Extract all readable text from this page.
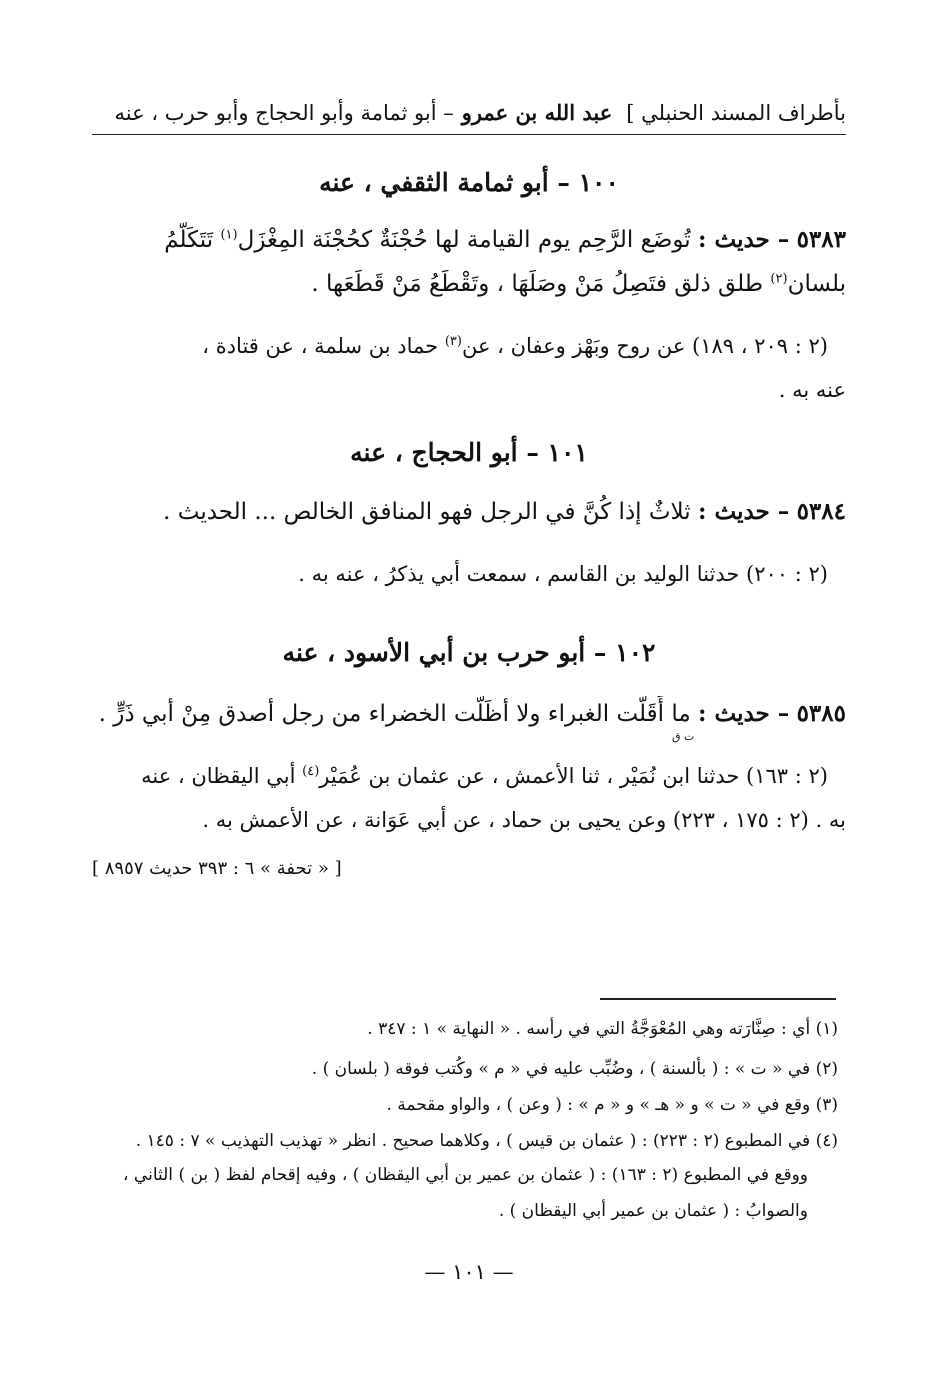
بأطراف المسند الحنبلي ]
عبد الله بن عمرو
– أبو ثمامة وأبو الحجاج وأبو حرب ، عنه
١٠٠ – أبو ثمامة الثقفي ، عنه
٥٣٨٣ – حديث : تُوضَع الرَّحِم يوم القيامة لها حُجْنَةٌ كحُجْنَة المِغْزَل$^{(١)}$ تَتَكَلَّمُ
بلسان$^{(٢)}$ طلق ذلق فتَصِلُ مَنْ وصَلَهَا ، وتَقْطَعُ مَنْ قَطَعَها .
(٢ : ٢٠٩ ، ١٨٩) عن روح وبَهْز وعفان ، عن$^{(٣)}$ حماد بن سلمة ، عن قتادة ،
عنه به .
١٠١ – أبو الحجاج ، عنه
٥٣٨٤ – حديث : ثلاثٌ إذا كُنَّ في الرجل فهو المنافق الخالص ... الحديث .
(٢ : ٢٠٠) حدثنا الوليد بن القاسم ، سمعت أبي يذكرُ ، عنه به .
١٠٢ – أبو حرب بن أبي الأسود ، عنه
٥٣٨٥ – حديث : ما أَقَلَّت الغبراء ولا أظَلَّت الخضراء من رجل أصدق مِنْ أبي ذَرٍّ .
ت ق
(٢ : ١٦٣) حدثنا ابن نُمَيْر ، ثنا الأعمش ، عن عثمان بن عُمَيْر$^{(٤)}$ أبي اليقظان ، عنه
به . (٢ : ١٧٥ ، ٢٢٣) وعن يحيى بن حماد ، عن أبي عَوَانة ، عن الأعمش به .
[ « تحفة » ٦ : ٣٩٣ حديث ٨٩٥٧ ]
(١) أي : صِنَّارَته وهي المُعْوَجَّةُ التي في رأسه . « النهاية » ١ : ٣٤٧ .
(٢) في « ت » : ( بألسنة ) ، وضُبِّب عليه في « م » وكُتب فوقه ( بلسان ) .
(٣) وقع في « ت » و « هـ » و « م » : ( وعن ) ، والواو مقحمة .
(٤) في المطبوع (٢ : ٢٢٣) : ( عثمان بن قيس ) ، وكلاهما صحيح . انظر « تهذيب التهذيب » ٧ : ١٤٥ .
ووقع في المطبوع (٢ : ١٦٣) : ( عثمان بن عمير بن أبي اليقظان ) ، وفيه إقحام لفظ ( بن ) الثاني ،
والصوابُ : ( عثمان بن عمير أبي اليقظان ) .
— ١٠١ —
